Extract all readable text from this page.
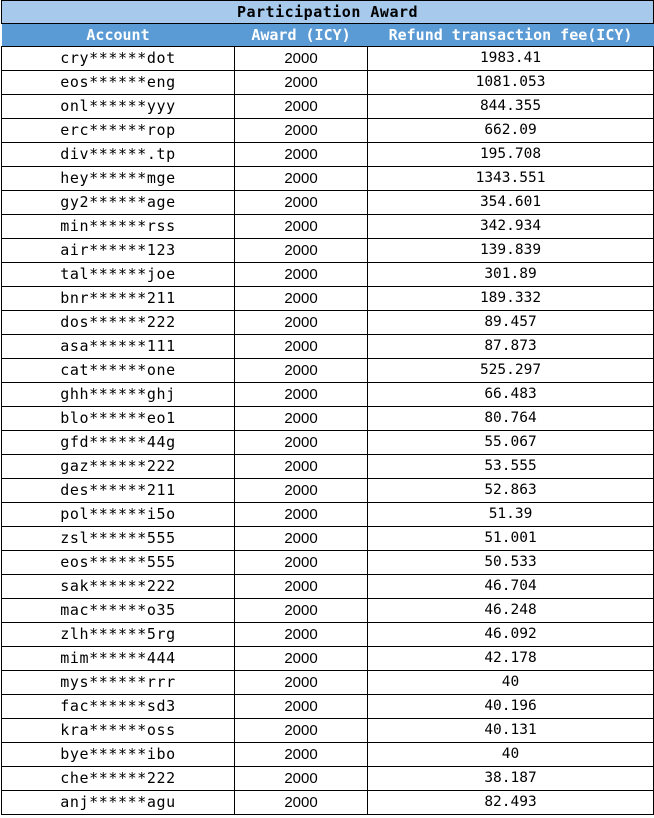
Participation Award		
Account	Award (ICY)	Refund transaction fee(ICY)
cry******dot	2000	1983.41
eos******eng	2000	1081.053
onl******yyy	2000	844.355
erc******rop	2000	662.09
div******.tp	2000	195.708
hey******mge	2000	1343.551
gy2******age	2000	354.601
min******rss	2000	342.934
air******123	2000	139.839
tal******joe	2000	301.89
bnr******211	2000	189.332
dos******222	2000	89.457
asa******111	2000	87.873
cat******one	2000	525.297
ghh******ghj	2000	66.483
blo******eo1	2000	80.764
gfd******44g	2000	55.067
gaz******222	2000	53.555
des******211	2000	52.863
pol******i5o	2000	51.39
zsl******555	2000	51.001
eos******555	2000	50.533
sak******222	2000	46.704
mac******o35	2000	46.248
zlh******5rg	2000	46.092
mim******444	2000	42.178
mys******rrr	2000	40
fac******sd3	2000	40.196
kra******oss	2000	40.131
bye******ibo	2000	40
che******222	2000	38.187
anj******agu	2000	82.493
